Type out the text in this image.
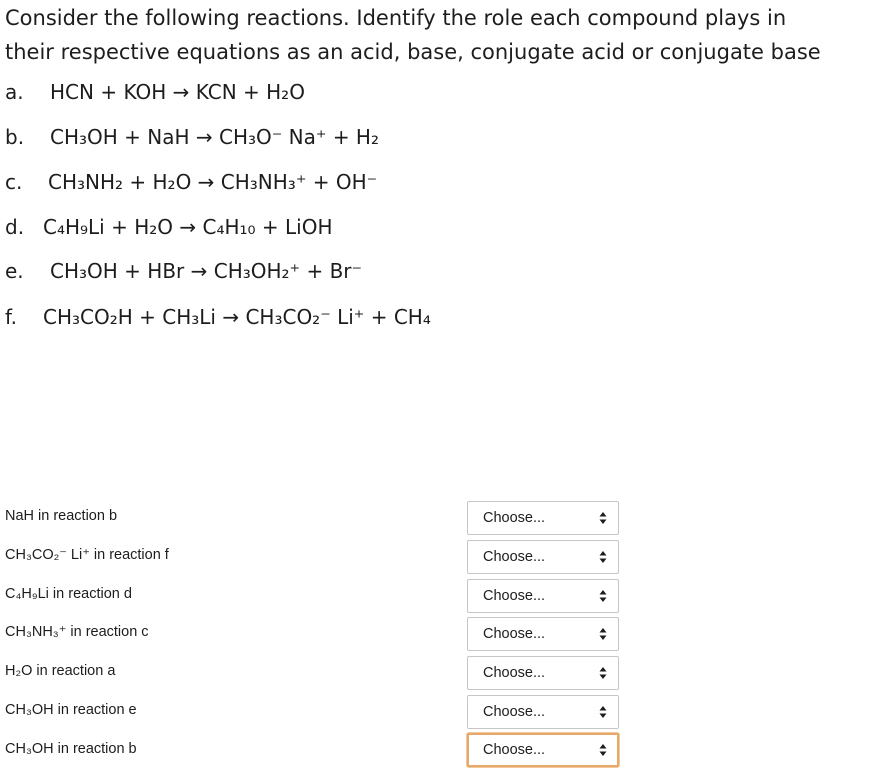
Consider the following reactions. Identify the role each compound plays in
their respective equations as an acid, base, conjugate acid or conjugate base
a. HCN + KOH → KCN + H₂O
b. CH₃OH + NaH → CH₃O⁻ Na⁺ + H₂
c. CH₃NH₂ + H₂O → CH₃NH₃⁺ + OH⁻
d. C₄H₉Li + H₂O → C₄H₁₀ + LiOH
e. CH₃OH + HBr → CH₃OH₂⁺ + Br⁻
f. CH₃CO₂H + CH₃Li → CH₃CO₂⁻ Li⁺ + CH₄
NaH in reaction b	Choose...
CH₃CO₂⁻ Li⁺ in reaction f	Choose...
C₄H₉Li in reaction d	Choose...
CH₃NH₃⁺ in reaction c	Choose...
H₂O in reaction a	Choose...
CH₃OH in reaction e	Choose...
CH₃OH in reaction b	Choose...
